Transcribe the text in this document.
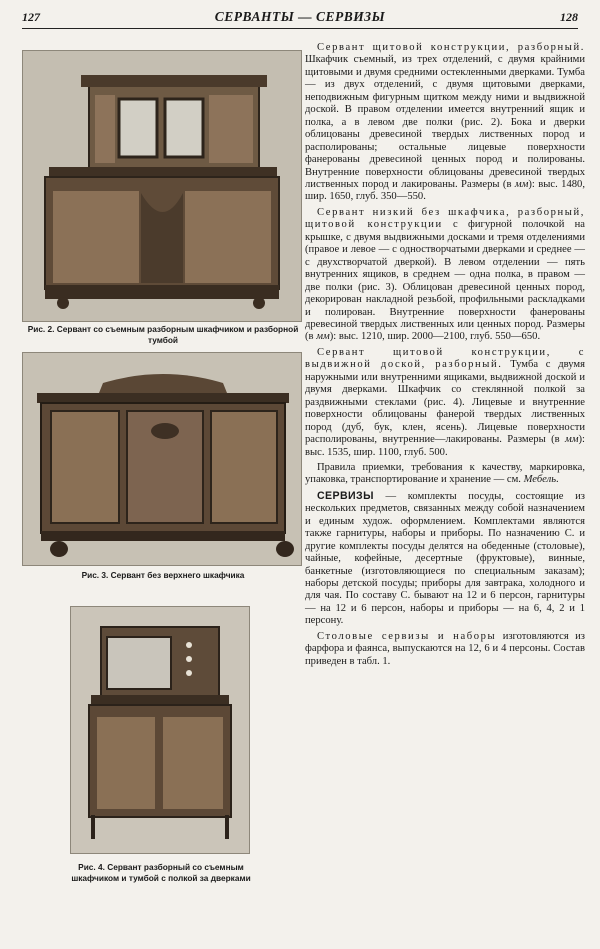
127	СЕРВАНТЫ — СЕРВИЗЫ	128
Рис. 2. Сервант со съемным разборным шкафчиком и разборной тумбой
Рис. 3. Сервант без верхнего шкафчика
Рис. 4. Сервант разборный со съемным шкафчиком и тумбой с полкой за дверками

Сервант щитовой конструкции, разборный. Шкафчик съемный, из трех отделений, с двумя крайними щитовыми и двумя средними остекленными дверками. Тумба — из двух отделений, с двумя щитовыми дверками, неподвижным фигурным щитком между ними и выдвижной доской. В правом отделении имеется внутренний ящик и полка, а в левом две полки (рис. 2). Бока и дверки облицованы древесиной твердых лиственных пород и располированы; остальные лицевые поверхности фанерованы древесиной ценных пород и полированы. Внутренние поверхности облицованы древесиной твердых лиственных пород и лакированы. Размеры (в мм): выс. 1480, шир. 1650, глуб. 350—550.

Сервант низкий без шкафчика, разборный, щитовой конструкции с фигурной полочкой на крышке, с двумя выдвижными досками и тремя отделениями (правое и левое — с одностворчатыми дверками и среднее — с двухстворчатой дверкой). В левом отделении — пять внутренних ящиков, в среднем — одна полка, в правом — две полки (рис. 3). Облицован древесиной ценных пород, декорирован накладной резьбой, профильными раскладками и полирован. Внутренние поверхности фанерованы древесиной твердых лиственных или ценных пород. Размеры (в мм): выс. 1210, шир. 2000—2100, глуб. 550—650.

Сервант щитовой конструкции, с выдвижной доской, разборный. Тумба с двумя наружными или внутренними ящиками, выдвижной доской и двумя дверками. Шкафчик со стеклянной полкой за раздвижными стеклами (рис. 4). Лицевые и внутренние поверхности облицованы фанерой твердых лиственных пород (дуб, бук, клен, ясень). Лицевые поверхности располированы, внутренние—лакированы. Размеры (в мм): выс. 1535, шир. 1100, глуб. 500.

Правила приемки, требования к качеству, маркировка, упаковка, транспортирование и хранение — см. Мебель.

СЕРВИЗЫ — комплекты посуды, состоящие из нескольких предметов, связанных между собой назначением и единым худож. оформлением. Комплектами являются также гарнитуры, наборы и приборы. По назначению С. и другие комплекты посуды делятся на обеденные (столовые), чайные, кофейные, десертные (фруктовые), винные, банкетные (изготовляющиеся по специальным заказам); наборы детской посуды; приборы для завтрака, холодного и для чая. По составу С. бывают на 12 и 6 персон, гарнитуры — на 12 и 6 персон, наборы и приборы — на 6, 4, 2 и 1 персону.

Столовые сервизы и наборы изготовляются из фарфора и фаянса, выпускаются на 12, 6 и 4 персоны. Состав приведен в табл. 1.
